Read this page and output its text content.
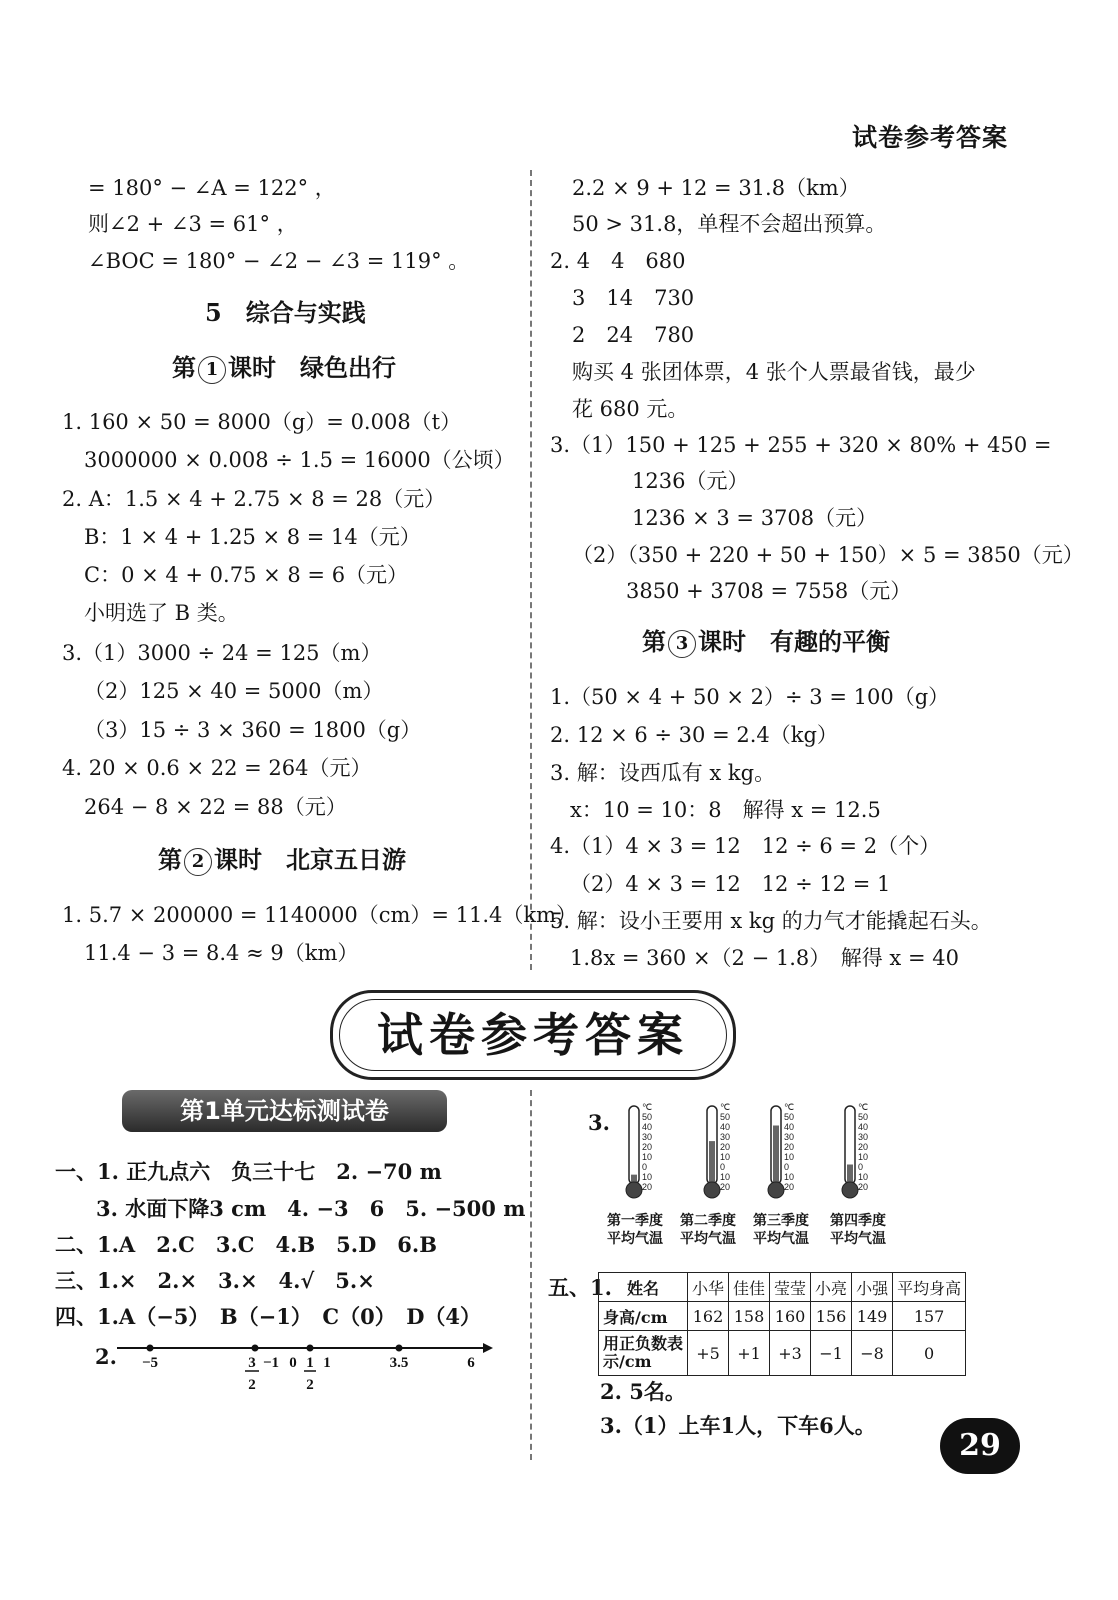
试卷参考答案
= 180° − ∠A = 122° ，
则∠2 + ∠3 = 61° ，
∠BOC = 180° − ∠2 − ∠3 = 119° 。
5　综合与实践
第 1 课时　绿色出行
1. 160 × 50 = 8000（g）= 0.008（t）
3000000 × 0.008 ÷ 1.5 = 16000（公顷）
2. A：1.5 × 4 + 2.75 × 8 = 28（元）
B：1 × 4 + 1.25 × 8 = 14（元）
C：0 × 4 + 0.75 × 8 = 6（元）
小明选了 B 类。
3.（1）3000 ÷ 24 = 125（m）
（2）125 × 40 = 5000（m）
（3）15 ÷ 3 × 360 = 1800（g）
4. 20 × 0.6 × 22 = 264（元）
264 − 8 × 22 = 88（元）
第 2 课时　北京五日游
1. 5.7 × 200000 = 1140000（cm）= 11.4（km）
11.4 − 3 = 8.4 ≈ 9（km）
2.2 × 9 + 12 = 31.8（km）
50 > 31.8，单程不会超出预算。
2. 4　4　680
3　14　730
2　24　780
购买 4 张团体票，4 张个人票最省钱，最少
花 680 元。
3.（1）150 + 125 + 255 + 320 × 80% + 450 =
1236（元）
1236 × 3 = 3708（元）
（2）（350 + 220 + 50 + 150）× 5 = 3850（元）
3850 + 3708 = 7558（元）
第 3 课时　有趣的平衡
1.（50 × 4 + 50 × 2）÷ 3 = 100（g）
2. 12 × 6 ÷ 30 = 2.4（kg）
3. 解：设西瓜有 x kg。
x：10 = 10：8　解得 x = 12.5
4.（1）4 × 3 = 12　12 ÷ 6 = 2（个）
（2）4 × 3 = 12　12 ÷ 12 = 1
5. 解：设小王要用 x kg 的力气才能撬起石头。
1.8x = 360 ×（2 − 1.8）　解得 x = 40
试卷参考答案
第1单元达标测试卷
一、1. 正九点六　负三十七　2. −70 m
3. 水面下降3 cm　4. −3　6　5. −500 m
二、1.A　2.C　3.C　4.B　5.D　6.B
三、1.×　2.×　3.×　4.√　5.×
四、1.A（−5）　B（−1）　C（0）　D（4）
2. −5	3
2
−1 0 1
2
1	3.5	6
3.
℃
50
40
30
20
10
0
10
20
℃
50
40
30
20
10
0
10
20
℃
50
40
30
20
10
0
10
20
℃
50
40
30
20
10
0
10
20
第一季度
平均气温
第二季度
平均气温
第三季度
平均气温
第四季度
平均气温
五、1. 姓名	小华	佳佳	莹莹	小亮	小强	平均身高
身高/cm	162	158	160	156	149	157
用正负数表示/cm	+5	+1	+3	−1	−8	0
2. 5名。
3.（1）上车1人，下车6人。
29
